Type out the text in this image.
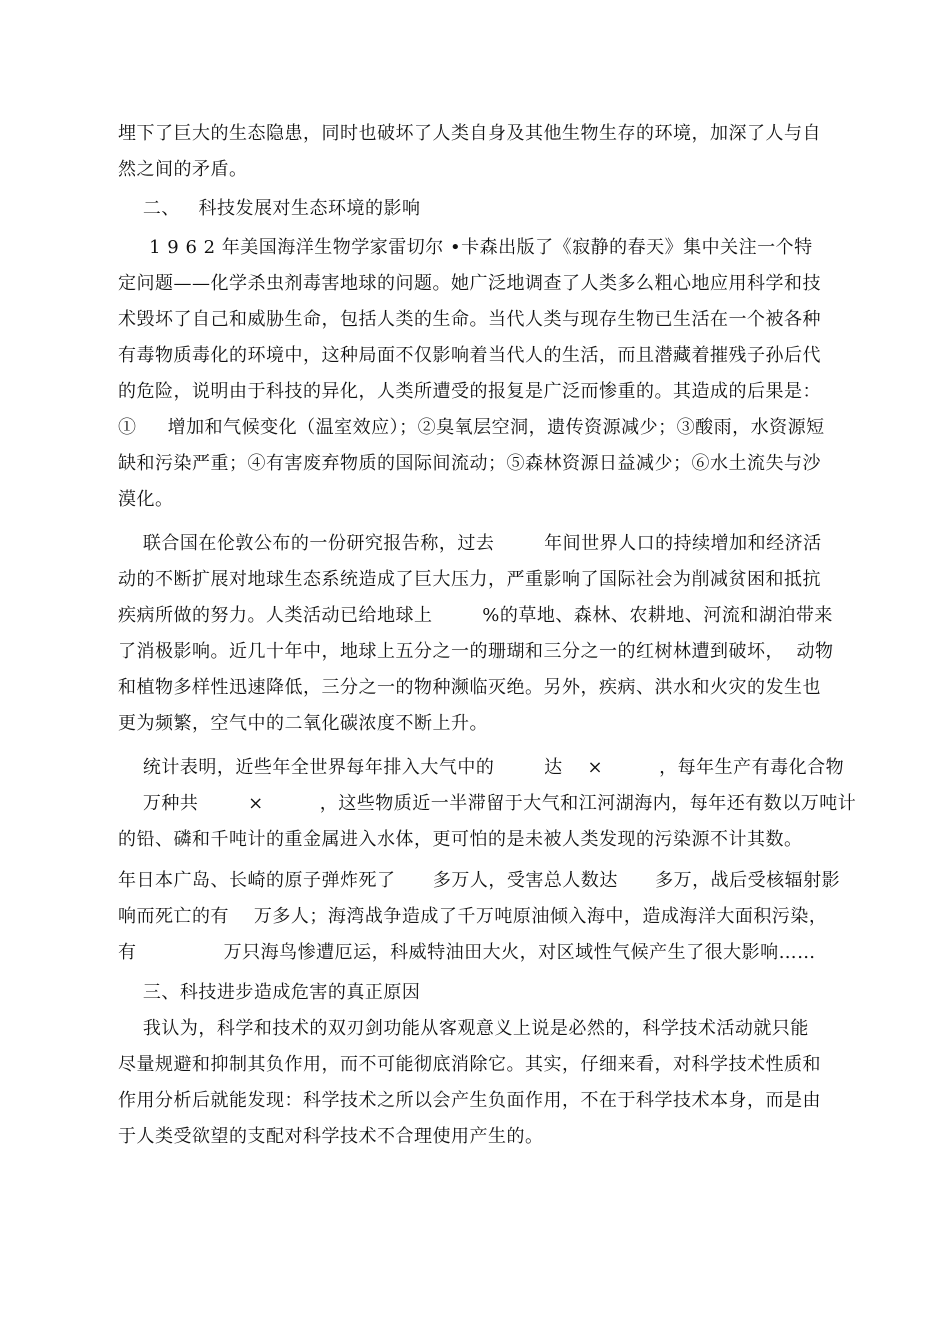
埋下了巨大的生态隐患，同时也破坏了人类自身及其他生物生存的环境，加深了人与自
然之间的矛盾。
二、   科技发展对生态环境的影响
1 9 6 2 年美国海洋生物学家雷切尔 •卡森出版了《寂静的春天》集中关注一个特
定问题——化学杀虫剂毒害地球的问题。她广泛地调查了人类多么粗心地应用科学和技
术毁坏了自己和威胁生命，包括人类的生命。当代人类与现存生物已生活在一个被各种
有毒物质毒化的环境中，这种局面不仅影响着当代人的生活，而且潜藏着摧残子孙后代
的危险，说明由于科技的异化，人类所遭受的报复是广泛而惨重的。其造成的后果是：
①     增加和气候变化（温室效应）；②臭氧层空洞，遗传资源减少；③酸雨，水资源短
缺和污染严重；④有害废弃物质的国际间流动；⑤森林资源日益减少；⑥水土流失与沙
漠化。
联合国在伦敦公布的一份研究报告称，过去        年间世界人口的持续增加和经济活
动的不断扩展对地球生态系统造成了巨大压力，严重影响了国际社会为削减贫困和抵抗
疾病所做的努力。人类活动已给地球上        %的草地、森林、农耕地、河流和湖泊带来
了消极影响。近几十年中，地球上五分之一的珊瑚和三分之一的红树林遭到破坏，  动物
和植物多样性迅速降低，三分之一的物种濒临灭绝。另外，疾病、洪水和火灾的发生也
更为频繁，空气中的二氧化碳浓度不断上升。
统计表明，近些年全世界每年排入大气中的        达    ×         ，每年生产有毒化合物
万种共        ×         ，这些物质近一半滞留于大气和江河湖海内，每年还有数以万吨计
的铅、磷和千吨计的重金属进入水体，更可怕的是未被人类发现的污染源不计其数。
年日本广岛、长崎的原子弹炸死了      多万人，受害总人数达      多万，战后受核辐射影
响而死亡的有    万多人；海湾战争造成了千万吨原油倾入海中，造成海洋大面积污染，
有              万只海鸟惨遭厄运，科威特油田大火，对区域性气候产生了很大影响……
三、科技进步造成危害的真正原因
我认为，科学和技术的双刃剑功能从客观意义上说是必然的，科学技术活动就只能
尽量规避和抑制其负作用，而不可能彻底消除它。其实，仔细来看，对科学技术性质和
作用分析后就能发现：科学技术之所以会产生负面作用，不在于科学技术本身，而是由
于人类受欲望的支配对科学技术不合理使用产生的。
